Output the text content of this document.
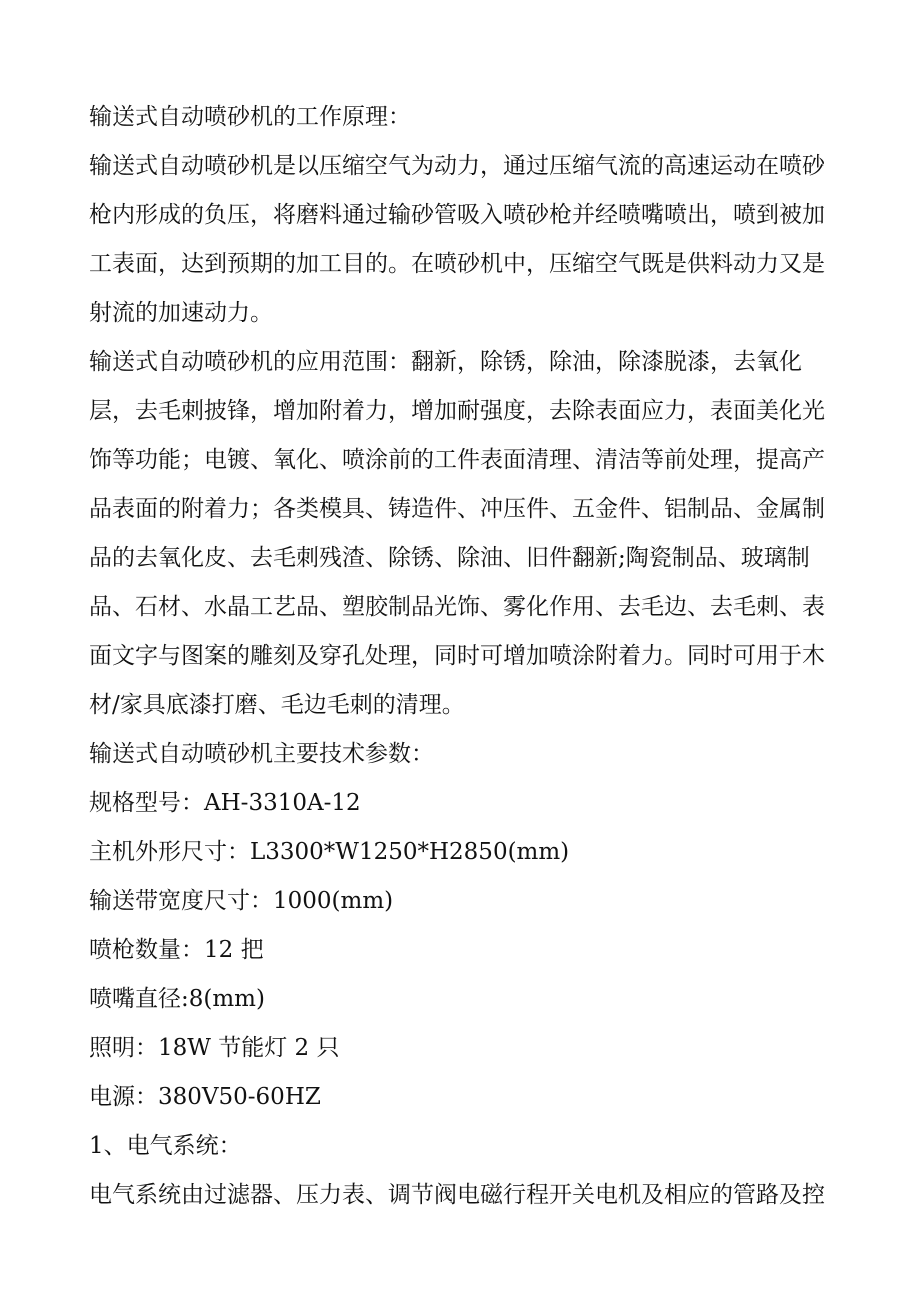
输送式自动喷砂机的工作原理：
输送式自动喷砂机是以压缩空气为动力，通过压缩气流的高速运动在喷砂
枪内形成的负压，将磨料通过输砂管吸入喷砂枪并经喷嘴喷出，喷到被加
工表面，达到预期的加工目的。在喷砂机中，压缩空气既是供料动力又是
射流的加速动力。
输送式自动喷砂机的应用范围：翻新，除锈，除油，除漆脱漆，去氧化
层，去毛刺披锋，增加附着力，增加耐强度，去除表面应力，表面美化光
饰等功能；电镀、氧化、喷涂前的工件表面清理、清洁等前处理，提高产
品表面的附着力；各类模具、铸造件、冲压件、五金件、铝制品、金属制
品的去氧化皮、去毛刺残渣、除锈、除油、旧件翻新;陶瓷制品、玻璃制
品、石材、水晶工艺品、塑胶制品光饰、雾化作用、去毛边、去毛刺、表
面文字与图案的雕刻及穿孔处理，同时可增加喷涂附着力。同时可用于木
材/家具底漆打磨、毛边毛刺的清理。
输送式自动喷砂机主要技术参数：
规格型号：AH-3310A-12
主机外形尺寸：L3300*W1250*H2850(mm)
输送带宽度尺寸：1000(mm)
喷枪数量：12 把
喷嘴直径:8(mm)
照明：18W 节能灯 2 只
电源：380V50-60HZ
1、电气系统：
电气系统由过滤器、压力表、调节阀电磁行程开关电机及相应的管路及控
